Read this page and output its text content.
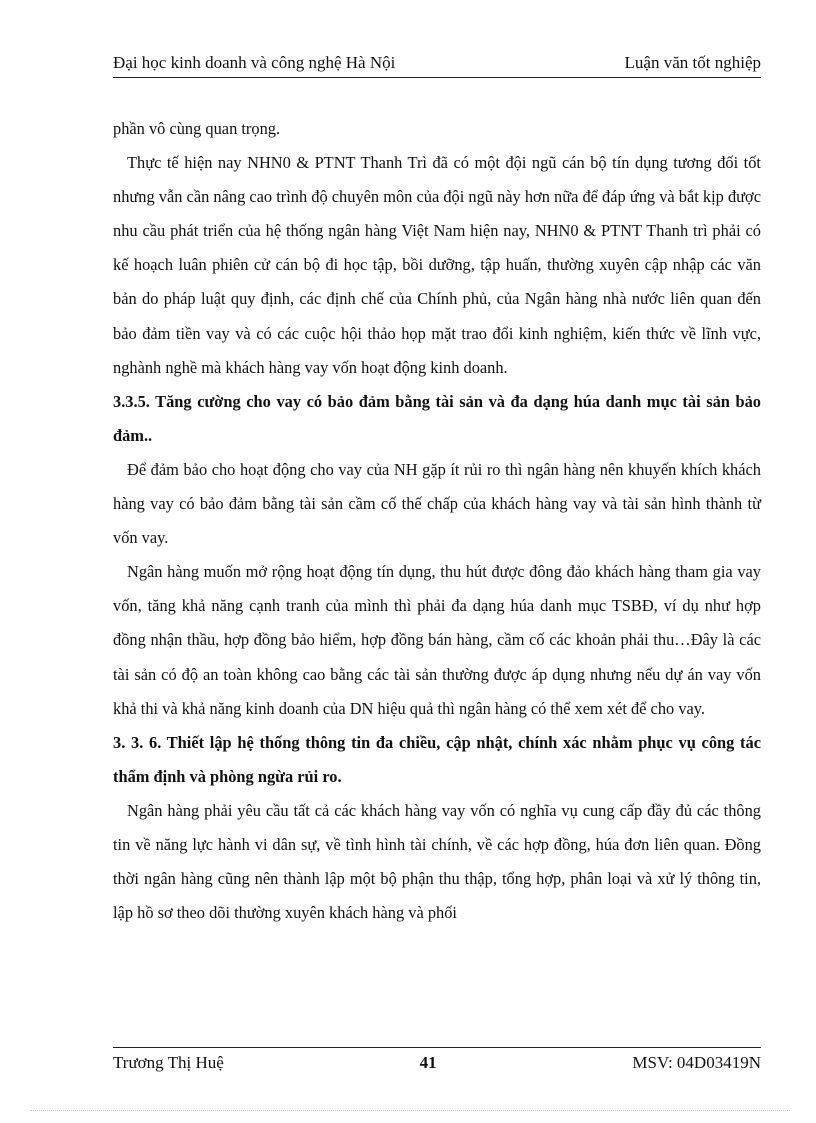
Đại học kinh doanh và công nghệ Hà Nội	Luận văn tốt nghiệp

phần vô cùng quan trọng.

Thực tế hiện nay NHN0 & PTNT Thanh Trì đã có một đội ngũ cán bộ tín dụng tương đối tốt nhưng vẫn cần nâng cao trình độ chuyên môn của đội ngũ này hơn nữa để đáp ứng và bắt kịp được nhu cầu phát triển của hệ thống ngân hàng Việt Nam hiện nay, NHN0 & PTNT Thanh trì phải có kế hoạch luân phiên cử cán bộ đi học tập, bồi dưỡng, tập huấn, thường xuyên cập nhập các văn bản do pháp luật quy định, các định chế của Chính phủ, của Ngân hàng nhà nước liên quan đến bảo đảm tiền vay và có các cuộc hội thảo họp mặt trao đổi kinh nghiệm, kiến thức về lĩnh vực, nghành nghề mà khách hàng vay vốn hoạt động kinh doanh.

3.3.5. Tăng cường cho vay có bảo đảm bằng tài sản và đa dạng húa danh mục tài sản bảo đảm..

Để đảm bảo cho hoạt động cho vay của NH gặp ít rủi ro thì ngân hàng nên khuyến khích khách hàng vay có bảo đảm bằng tài sản cầm cố thế chấp của khách hàng vay và tài sản hình thành từ vốn vay.

Ngân hàng muốn mở rộng hoạt động tín dụng, thu hút được đông đảo khách hàng tham gia vay vốn, tăng khả năng cạnh tranh của mình thì phải đa dạng húa danh mục TSBĐ, ví dụ như hợp đồng nhận thầu, hợp đồng bảo hiểm, hợp đồng bán hàng, cầm cố các khoản phải thu…Đây là các tài sản có độ an toàn không cao bằng các tài sản thường được áp dụng nhưng nếu dự án vay vốn khả thi và khả năng kinh doanh của DN hiệu quả thì ngân hàng có thể xem xét để cho vay.

3. 3. 6. Thiết lập hệ thống thông tin đa chiều, cập nhật, chính xác nhằm phục vụ công tác thẩm định và phòng ngừa rủi ro.

Ngân hàng phải yêu cầu tất cả các khách hàng vay vốn có nghĩa vụ cung cấp đầy đủ các thông tin về năng lực hành vi dân sự, về tình hình tài chính, về các hợp đồng, húa đơn liên quan. Đồng thời ngân hàng cũng nên thành lập một bộ phận thu thập, tổng hợp, phân loại và xử lý thông tin, lập hồ sơ theo dõi thường xuyên khách hàng và phối

Trương Thị Huệ	41	MSV: 04D03419N
